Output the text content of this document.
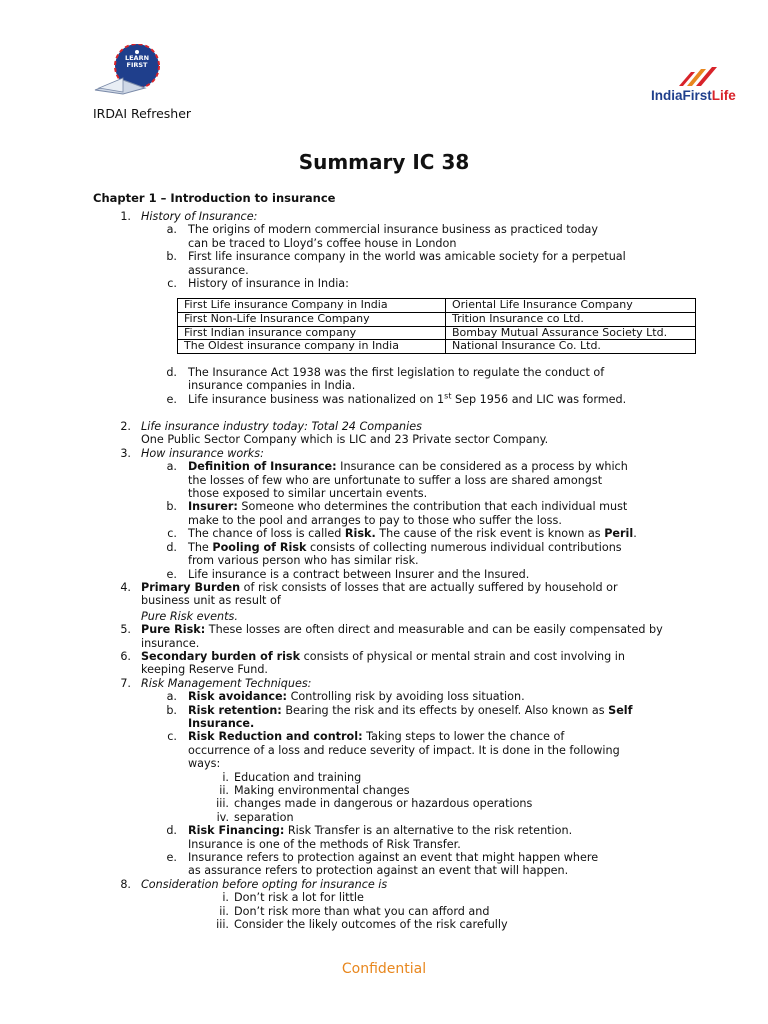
LEARN FIRST
IndiaFirstLife
IRDAI Refresher
Summary IC 38
Chapter 1 – Introduction to insurance
1. History of Insurance:
a. The origins of modern commercial insurance business as practiced today
can be traced to Lloyd’s coffee house in London
b. First life insurance company in the world was amicable society for a perpetual
assurance.
c. History of insurance in India:
First Life insurance Company in India	Oriental Life Insurance Company
First Non-Life Insurance Company	Trition Insurance co Ltd.
First Indian insurance company	Bombay Mutual Assurance Society Ltd.
The Oldest insurance company in India	National Insurance Co. Ltd.
d. The Insurance Act 1938 was the first legislation to regulate the conduct of
insurance companies in India.
e. Life insurance business was nationalized on 1st Sep 1956 and LIC was formed.
2. Life insurance industry today: Total 24 Companies
One Public Sector Company which is LIC and 23 Private sector Company.
3. How insurance works:
a. Definition of Insurance: Insurance can be considered as a process by which
the losses of few who are unfortunate to suffer a loss are shared amongst
those exposed to similar uncertain events.
b. Insurer: Someone who determines the contribution that each individual must
make to the pool and arranges to pay to those who suffer the loss.
c. The chance of loss is called Risk. The cause of the risk event is known as Peril.
d. The Pooling of Risk consists of collecting numerous individual contributions
from various person who has similar risk.
e. Life insurance is a contract between Insurer and the Insured.
4. Primary Burden of risk consists of losses that are actually suffered by household or
business unit as result of
Pure Risk events.
5. Pure Risk: These losses are often direct and measurable and can be easily compensated by
insurance.
6. Secondary burden of risk consists of physical or mental strain and cost involving in
keeping Reserve Fund.
7. Risk Management Techniques:
a. Risk avoidance: Controlling risk by avoiding loss situation.
b. Risk retention: Bearing the risk and its effects by oneself. Also known as Self
Insurance.
c. Risk Reduction and control: Taking steps to lower the chance of
occurrence of a loss and reduce severity of impact. It is done in the following
ways:
i. Education and training
ii. Making environmental changes
iii. changes made in dangerous or hazardous operations
iv. separation
d. Risk Financing: Risk Transfer is an alternative to the risk retention.
Insurance is one of the methods of Risk Transfer.
e. Insurance refers to protection against an event that might happen where
as assurance refers to protection against an event that will happen.
8. Consideration before opting for insurance is
i. Don’t risk a lot for little
ii. Don’t risk more than what you can afford and
iii. Consider the likely outcomes of the risk carefully
Confidential
